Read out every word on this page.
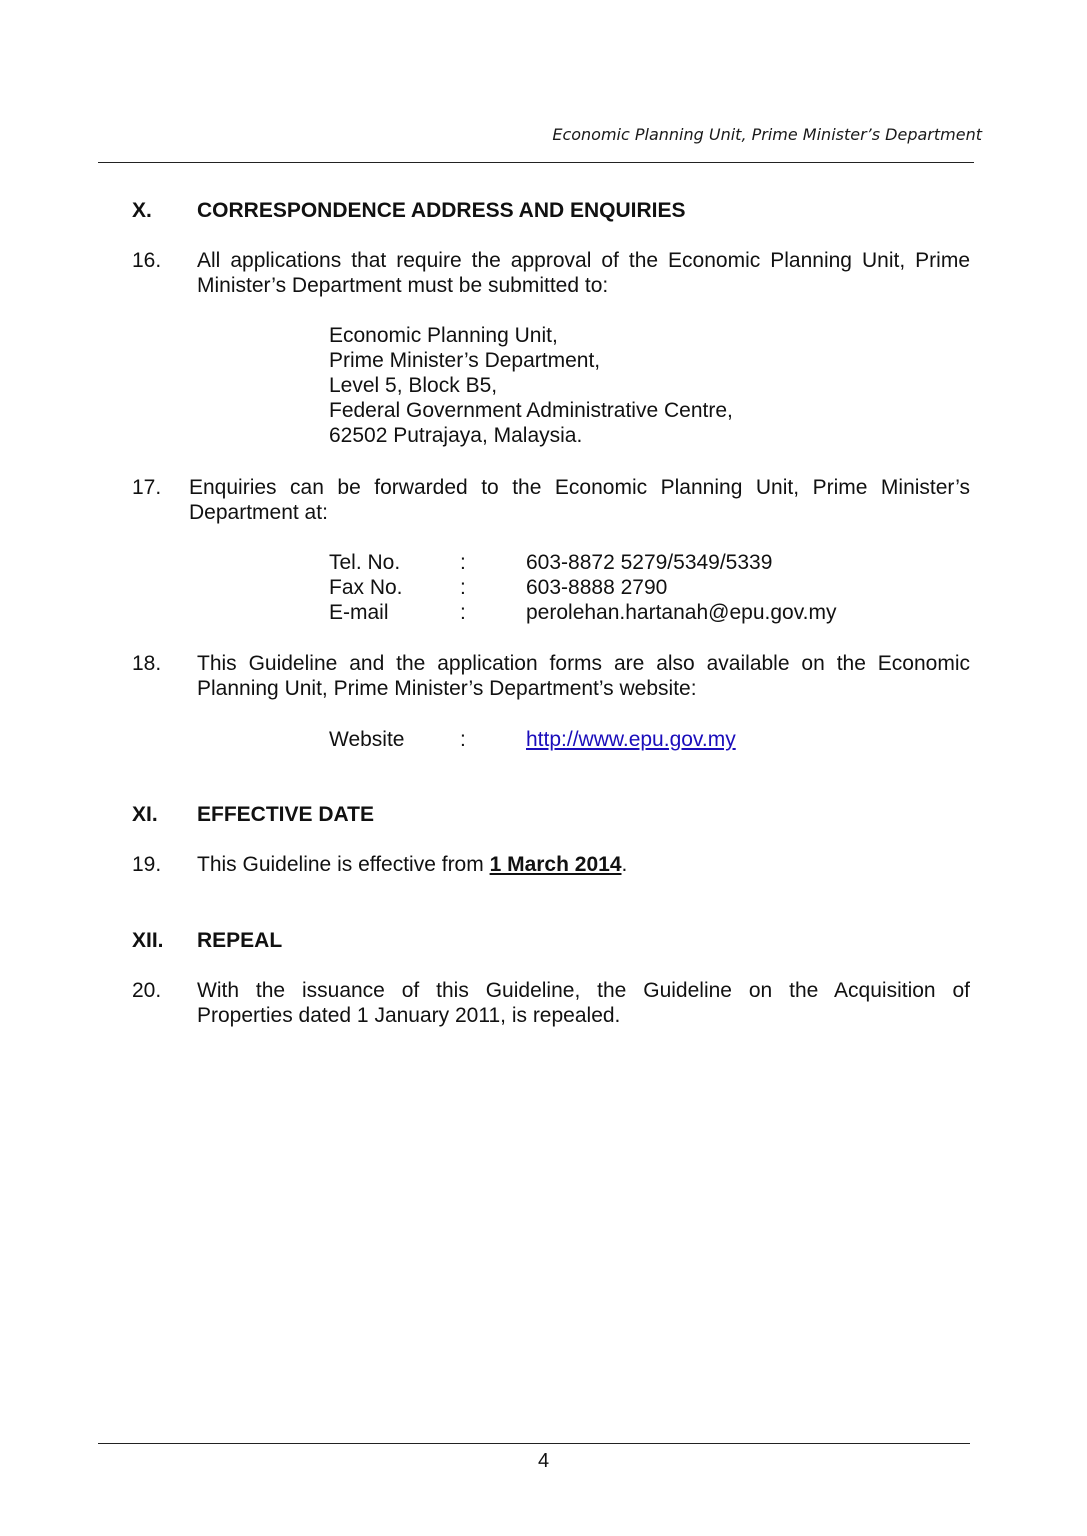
Economic Planning Unit, Prime Minister’s Department
X. CORRESPONDENCE ADDRESS AND ENQUIRIES
16. All applications that require the approval of the Economic Planning Unit, Prime
Minister’s Department must be submitted to:
Economic Planning Unit,
Prime Minister’s Department,
Level 5, Block B5,
Federal Government Administrative Centre,
62502 Putrajaya, Malaysia.
17. Enquiries can be forwarded to the Economic Planning Unit, Prime Minister’s
Department at:
Tel. No.	:	603-8872 5279/5349/5339
Fax No.	:	603-8888 2790
E-mail	:	perolehan.hartanah@epu.gov.my
18. This Guideline and the application forms are also available on the Economic
Planning Unit, Prime Minister’s Department’s website:
Website	:	http://www.epu.gov.my
XI. EFFECTIVE DATE
19. This Guideline is effective from 1 March 2014.
XII. REPEAL
20. With the issuance of this Guideline, the Guideline on the Acquisition of
Properties dated 1 January 2011, is repealed.
4
